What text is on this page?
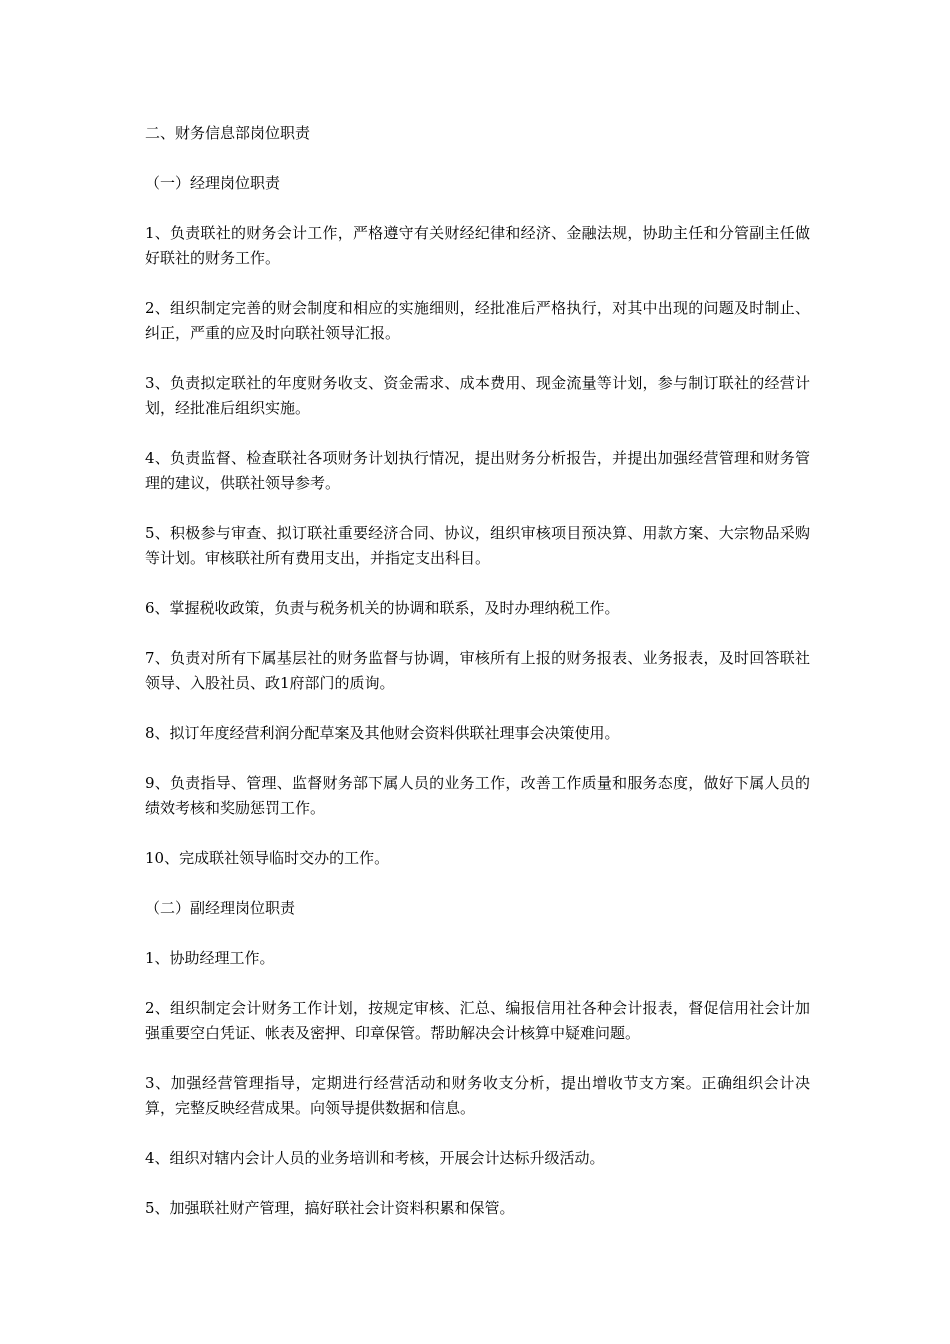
二、财务信息部岗位职责

（一）经理岗位职责

1、负责联社的财务会计工作，严格遵守有关财经纪律和经济、金融法规，协助主任和分管副主任做好联社的财务工作。

2、组织制定完善的财会制度和相应的实施细则，经批准后严格执行，对其中出现的问题及时制止、纠正，严重的应及时向联社领导汇报。

3、负责拟定联社的年度财务收支、资金需求、成本费用、现金流量等计划，参与制订联社的经营计划，经批准后组织实施。

4、负责监督、检查联社各项财务计划执行情况，提出财务分析报告，并提出加强经营管理和财务管理的建议，供联社领导参考。

5、积极参与审查、拟订联社重要经济合同、协议，组织审核项目预决算、用款方案、大宗物品采购等计划。审核联社所有费用支出，并指定支出科目。

6、掌握税收政策，负责与税务机关的协调和联系，及时办理纳税工作。

7、负责对所有下属基层社的财务监督与协调，审核所有上报的财务报表、业务报表，及时回答联社领导、入股社员、政1府部门的质询。

8、拟订年度经营利润分配草案及其他财会资料供联社理事会决策使用。

9、负责指导、管理、监督财务部下属人员的业务工作，改善工作质量和服务态度，做好下属人员的绩效考核和奖励惩罚工作。

10、完成联社领导临时交办的工作。

（二）副经理岗位职责

1、协助经理工作。

2、组织制定会计财务工作计划，按规定审核、汇总、编报信用社各种会计报表，督促信用社会计加强重要空白凭证、帐表及密押、印章保管。帮助解决会计核算中疑难问题。

3、加强经营管理指导，定期进行经营活动和财务收支分析，提出增收节支方案。正确组织会计决算，完整反映经营成果。向领导提供数据和信息。

4、组织对辖内会计人员的业务培训和考核，开展会计达标升级活动。

5、加强联社财产管理，搞好联社会计资料积累和保管。
